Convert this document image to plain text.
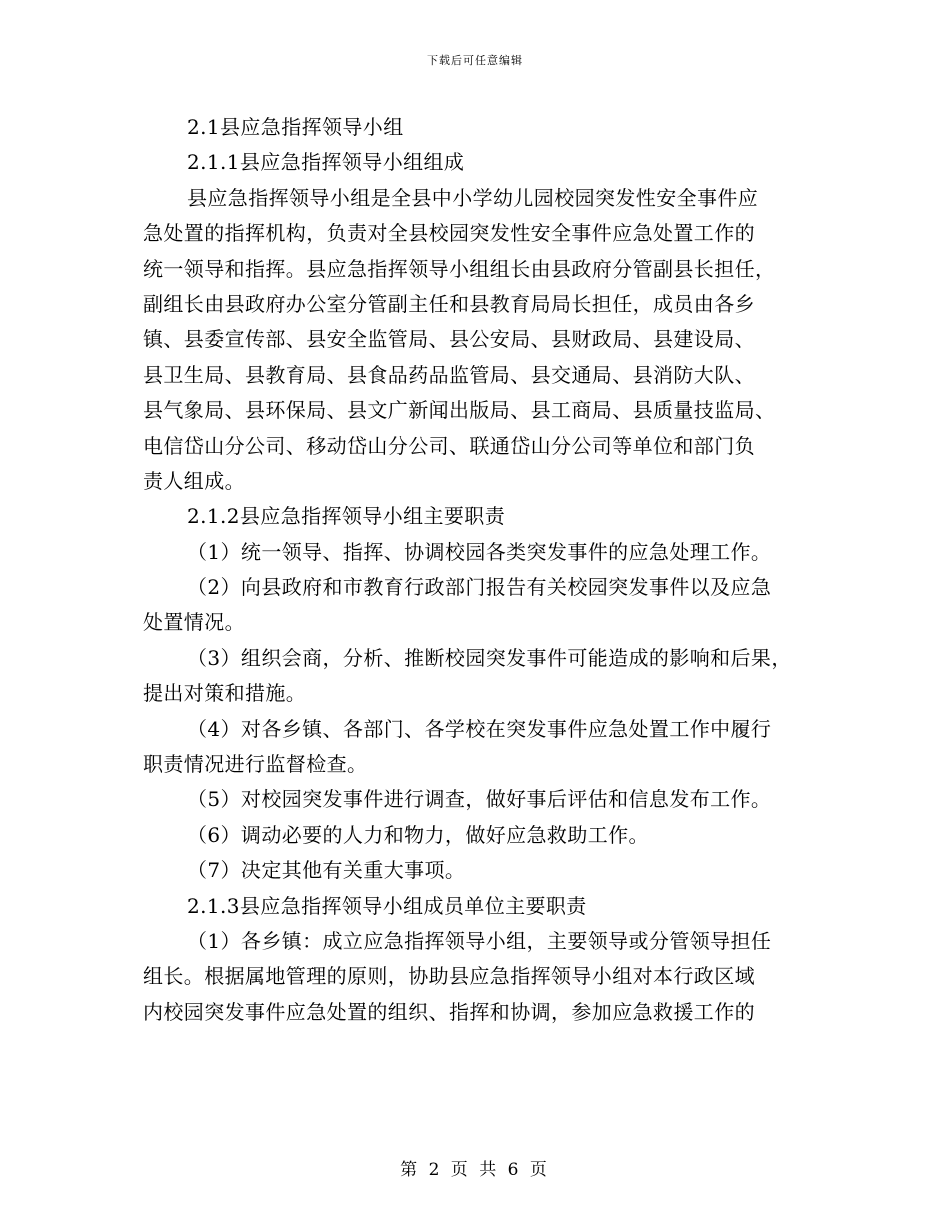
下载后可任意编辑
2.1县应急指挥领导小组
2.1.1县应急指挥领导小组组成
县应急指挥领导小组是全县中小学幼儿园校园突发性安全事件应
急处置的指挥机构，负责对全县校园突发性安全事件应急处置工作的
统一领导和指挥。县应急指挥领导小组组长由县政府分管副县长担任，
副组长由县政府办公室分管副主任和县教育局局长担任，成员由各乡
镇、县委宣传部、县安全监管局、县公安局、县财政局、县建设局、
县卫生局、县教育局、县食品药品监管局、县交通局、县消防大队、
县气象局、县环保局、县文广新闻出版局、县工商局、县质量技监局、
电信岱山分公司、移动岱山分公司、联通岱山分公司等单位和部门负
责人组成。
2.1.2县应急指挥领导小组主要职责
（1）统一领导、指挥、协调校园各类突发事件的应急处理工作。
（2）向县政府和市教育行政部门报告有关校园突发事件以及应急
处置情况。
（3）组织会商，分析、推断校园突发事件可能造成的影响和后果，
提出对策和措施。
（4）对各乡镇、各部门、各学校在突发事件应急处置工作中履行
职责情况进行监督检查。
（5）对校园突发事件进行调查，做好事后评估和信息发布工作。
（6）调动必要的人力和物力，做好应急救助工作。
（7）决定其他有关重大事项。
2.1.3县应急指挥领导小组成员单位主要职责
（1）各乡镇：成立应急指挥领导小组，主要领导或分管领导担任
组长。根据属地管理的原则，协助县应急指挥领导小组对本行政区域
内校园突发事件应急处置的组织、指挥和协调，参加应急救援工作的
第 2 页 共 6 页
